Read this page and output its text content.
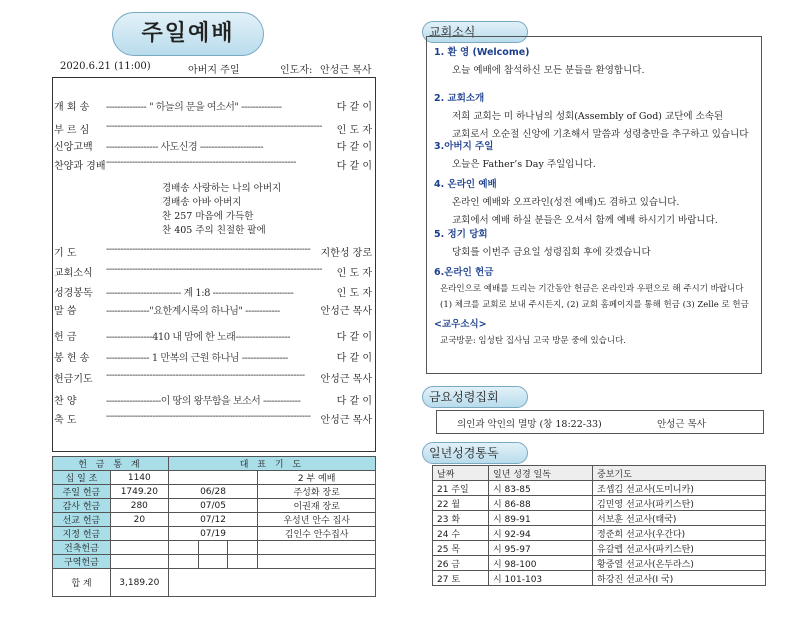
주일예배
2020.6.21 (11:00)	아버지 주일	인도자: 안성근 목사
개 회 송 -------------- " 하늘의 문을 여소서" --------------	다 같 이
부 르 심 ---------------------------------------------------------------------------	인 도 자
신앙고백 ------------------ 사도신경 ----------------------	다 같 이
찬양과 경배 ------------------------------------------------------------------	다 같 이
경배송 사랑하는 나의 아버지
경배송 아바 아버지
찬 257 마음에 가득한
찬 405 주의 친절한 팔에
기 도	-----------------------------------------------------------------------	지한성 장로
교회소식 ---------------------------------------------------------------------------	인 도 자
성경봉독 -------------------------- 계 1:8 ----------------------------	인 도 자
말 씀	---------------"요한계시록의 하나님" ------------	안성근 목사
헌 금	----------------410 내 맘에 한 노래-------------------	다 같 이
봉 헌 송 --------------- 1 만복의 근원 하나님 ----------------	다 같 이
헌금기도 ---------------------------------------------------------------------	안성근 목사
찬 양	-------------------이 땅의 왕무함을 보소서 -------------	다 같 이
축 도	-----------------------------------------------------------------------	안성근 목사
헌 금 통 계		대 표 기 도			
십 일 조	1140				2 부 예배
주일 헌금	1749.20	06/28			주성화 장로
감사 헌금	280	07/05			이권재 장로
선교 헌금	20	07/12			우성년 안수 집사
지정 헌금		07/19			김인수 안수집사
건축헌금					
구역헌금					
합 계	3,189.20				
교회소식
1. 환 영 (Welcome)
오늘 예배에 참석하신 모든 분들을 환영합니다.
2. 교회소개
저희 교회는 미 하나님의 성회(Assembly of God) 교단에 소속된
교회로서 오순절 신앙에 기초해서 말씀과 성령충만을 추구하고 있습니다
3.아버지 주일
오늘은 Father’s Day 주일입니다.
4. 온라인 예배
온라인 예배와 오프라인(성전 예배)도 겸하고 있습니다.
교회에서 예배 하실 분들은 오셔서 함께 예배 하시기기 바랍니다.
5. 정기 당회
당회를 이번주 금요일 성령집회 후에 갖겠습니다
6.온라인 헌금
온라인으로 예배를 드리는 기간동안 헌금은 온라인과 우편으로 해 주시기 바랍니다
(1) 체크를 교회로 보내 주시든지, (2) 교회 홈페이지를 통해 헌금 (3) Zelle 로 헌금
<교우소식>
교국방문: 임성탄 집사님 고국 방문 중에 있습니다.
금요성령집회
의인과 악인의 멸망 (창 18:22-33)	안성근 목사
일년성경통독
날짜	일년 성경 일독	중보기도
21 주일	시 83-85	조셉김 선교사(도미니카)
22 월	시 86-88	김민영 선교사(파키스탄)
23 화	시 89-91	서보훈 선교사(태국)
24 수	시 92-94	정준희 선교사(우간다)
25 목	시 95-97	유갈렙 선교사(파키스탄)
26 금	시 98-100	황중열 선교사(온두라스)
27 토	시 101-103	하강진 선교사(I 국)
